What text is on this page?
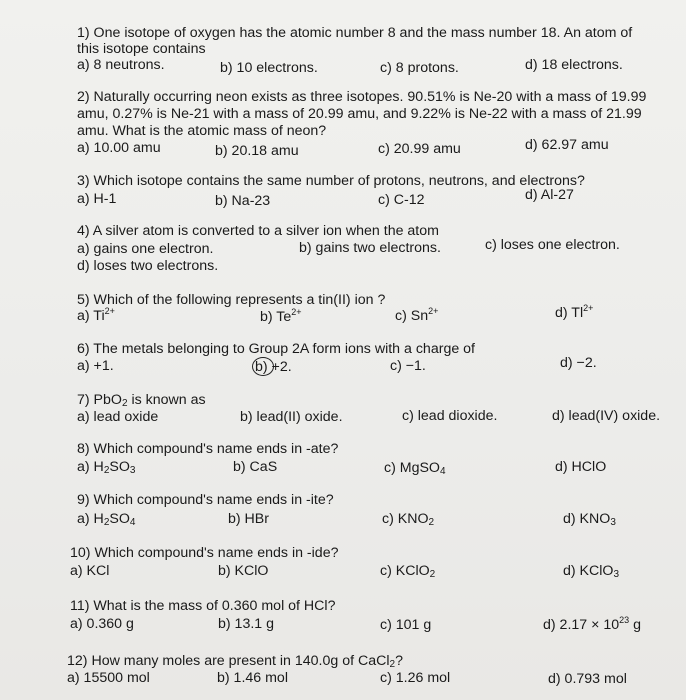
1) One isotope of oxygen has the atomic number 8 and the mass number 18. An atom of
this isotope contains
a) 8 neutrons.	b) 10 electrons.	c) 8 protons.	d) 18 electrons.
2) Naturally occurring neon exists as three isotopes. 90.51% is Ne-20 with a mass of 19.99
amu, 0.27% is Ne-21 with a mass of 20.99 amu, and 9.22% is Ne-22 with a mass of 21.99
amu. What is the atomic mass of neon?
a) 10.00 amu	b) 20.18 amu	c) 20.99 amu	d) 62.97 amu
3) Which isotope contains the same number of protons, neutrons, and electrons?
a) H-1	b) Na-23	c) C-12	d) Al-27
4) A silver atom is converted to a silver ion when the atom
a) gains one electron.	b) gains two electrons.	c) loses one electron.
d) loses two electrons.
5) Which of the following represents a tin(II) ion ?
a) $Ti^{2+}$	b) $Te^{2+}$	c) $Sn^{2+}$	d) $Tl^{2+}$
6) The metals belonging to Group 2A form ions with a charge of
a) +1.	b) +2.	c) −1.	d) −2.
7) PbO$_2$ is known as
a) lead oxide	b) lead(II) oxide.	c) lead dioxide.	d) lead(IV) oxide.
8) Which compound's name ends in -ate?
a) $H_2SO_3$	b) CaS	c) MgSO$_4$	d) HClO
9) Which compound's name ends in -ite?
a) $H_2SO_4$	b) HBr	c) $KNO_2$	d) $KNO_3$
10) Which compound's name ends in -ide?
a) KCl	b) KClO	c) KClO$_2$	d) KClO$_3$
11) What is the mass of 0.360 mol of HCl?
a) 0.360 g	b) 13.1 g	c) 101 g	d) $2.17 \times 10^{23}$ g
12) How many moles are present in 140.0g of CaCl$_2$?
a) 15500 mol	b) 1.46 mol	c) 1.26 mol	d) 0.793 mol
